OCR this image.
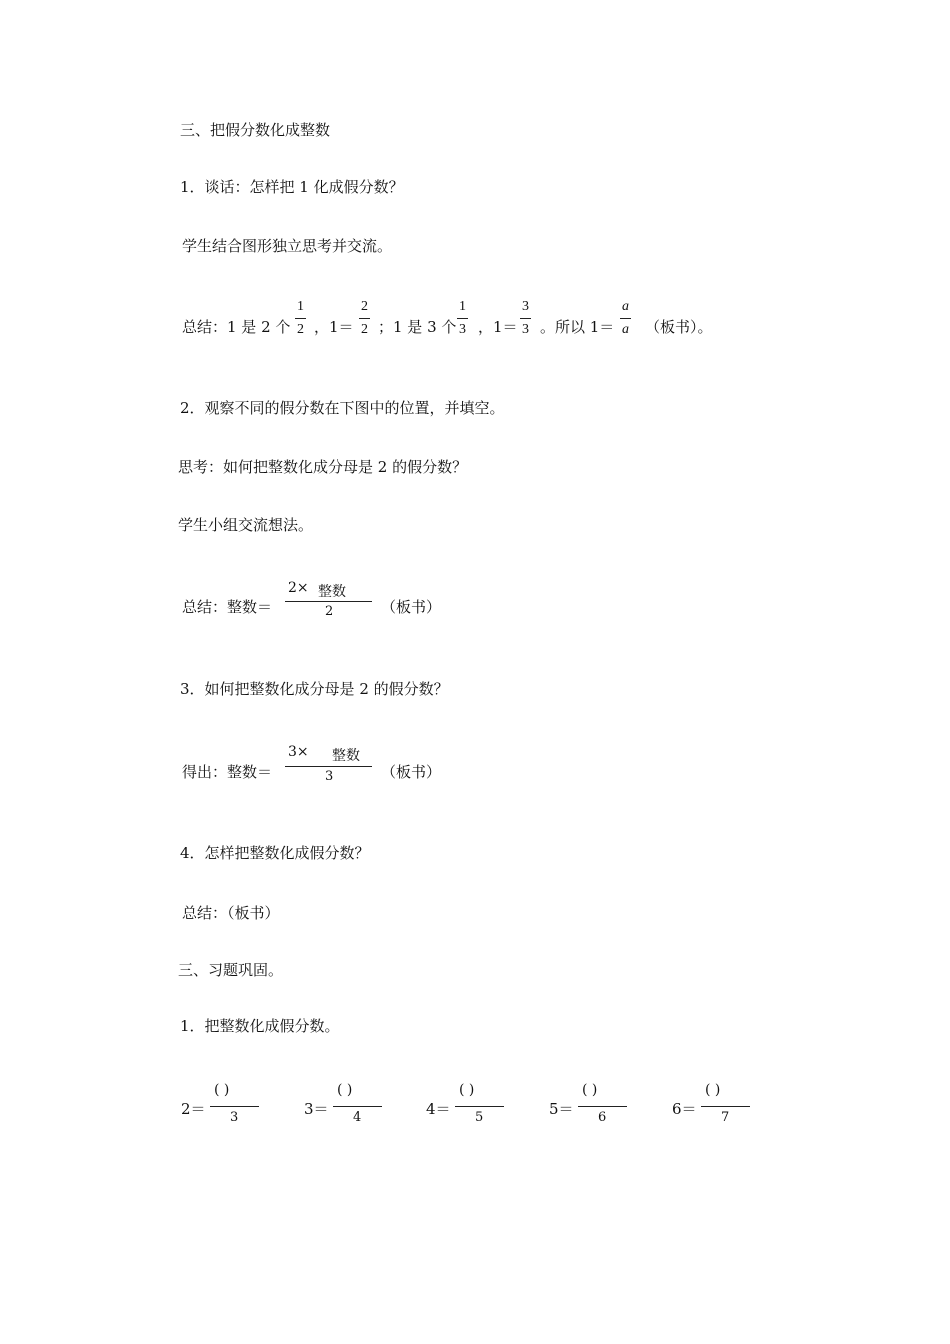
三、把假分数化成整数
1．谈话：怎样把 1 化成假分数？
学生结合图形独立思考并交流。
总结：1 是 2 个
1
2 ，1＝
2
2 ；1 是 3 个
1
3 ，1＝
3
3 。所以 1＝
a
a （板书）。
2．观察不同的假分数在下图中的位置，并填空。
思考：如何把整数化成分母是 2 的假分数？
学生小组交流想法。
总结：整数＝
2× 整数
2	（板书）
3．如何把整数化成分母是 2 的假分数？
得出：整数＝
3× 整数
3	（板书）
4．怎样把整数化成假分数？
总结：（板书）
三、习题巩固。
1．把整数化成假分数。
2＝
( )
3	3＝
( )
4	4＝
( )
5	5＝
( )
6	6＝
( )
7
